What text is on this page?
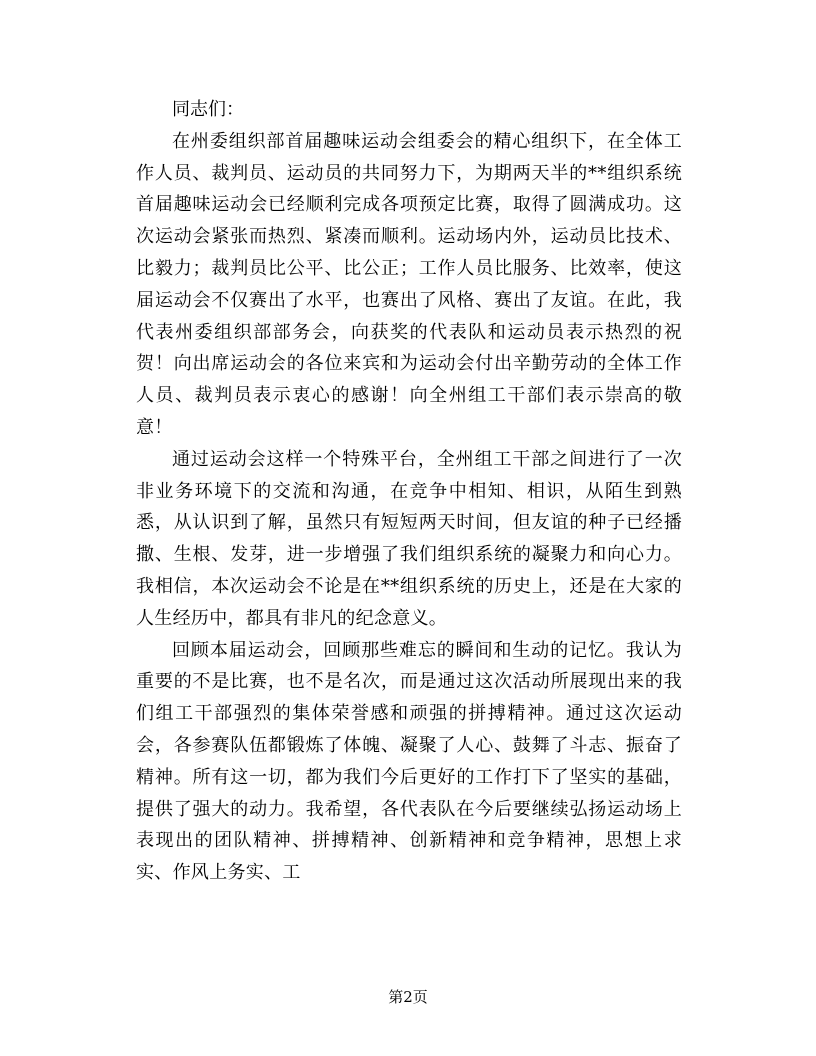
同志们：

在州委组织部首届趣味运动会组委会的精心组织下，在全体工作人员、裁判员、运动员的共同努力下，为期两天半的**组织系统首届趣味运动会已经顺利完成各项预定比赛，取得了圆满成功。这次运动会紧张而热烈、紧凑而顺利。运动场内外，运动员比技术、比毅力；裁判员比公平、比公正；工作人员比服务、比效率，使这届运动会不仅赛出了水平，也赛出了风格、赛出了友谊。在此，我代表州委组织部部务会，向获奖的代表队和运动员表示热烈的祝贺！向出席运动会的各位来宾和为运动会付出辛勤劳动的全体工作人员、裁判员表示衷心的感谢！向全州组工干部们表示崇高的敬意！

通过运动会这样一个特殊平台，全州组工干部之间进行了一次非业务环境下的交流和沟通，在竞争中相知、相识，从陌生到熟悉，从认识到了解，虽然只有短短两天时间，但友谊的种子已经播撒、生根、发芽，进一步增强了我们组织系统的凝聚力和向心力。我相信，本次运动会不论是在**组织系统的历史上，还是在大家的人生经历中，都具有非凡的纪念意义。

回顾本届运动会，回顾那些难忘的瞬间和生动的记忆。我认为重要的不是比赛，也不是名次，而是通过这次活动所展现出来的我们组工干部强烈的集体荣誉感和顽强的拼搏精神。通过这次运动会，各参赛队伍都锻炼了体魄、凝聚了人心、鼓舞了斗志、振奋了精神。所有这一切，都为我们今后更好的工作打下了坚实的基础，提供了强大的动力。我希望，各代表队在今后要继续弘扬运动场上表现出的团队精神、拼搏精神、创新精神和竞争精神，思想上求实、作风上务实、工

第2页
